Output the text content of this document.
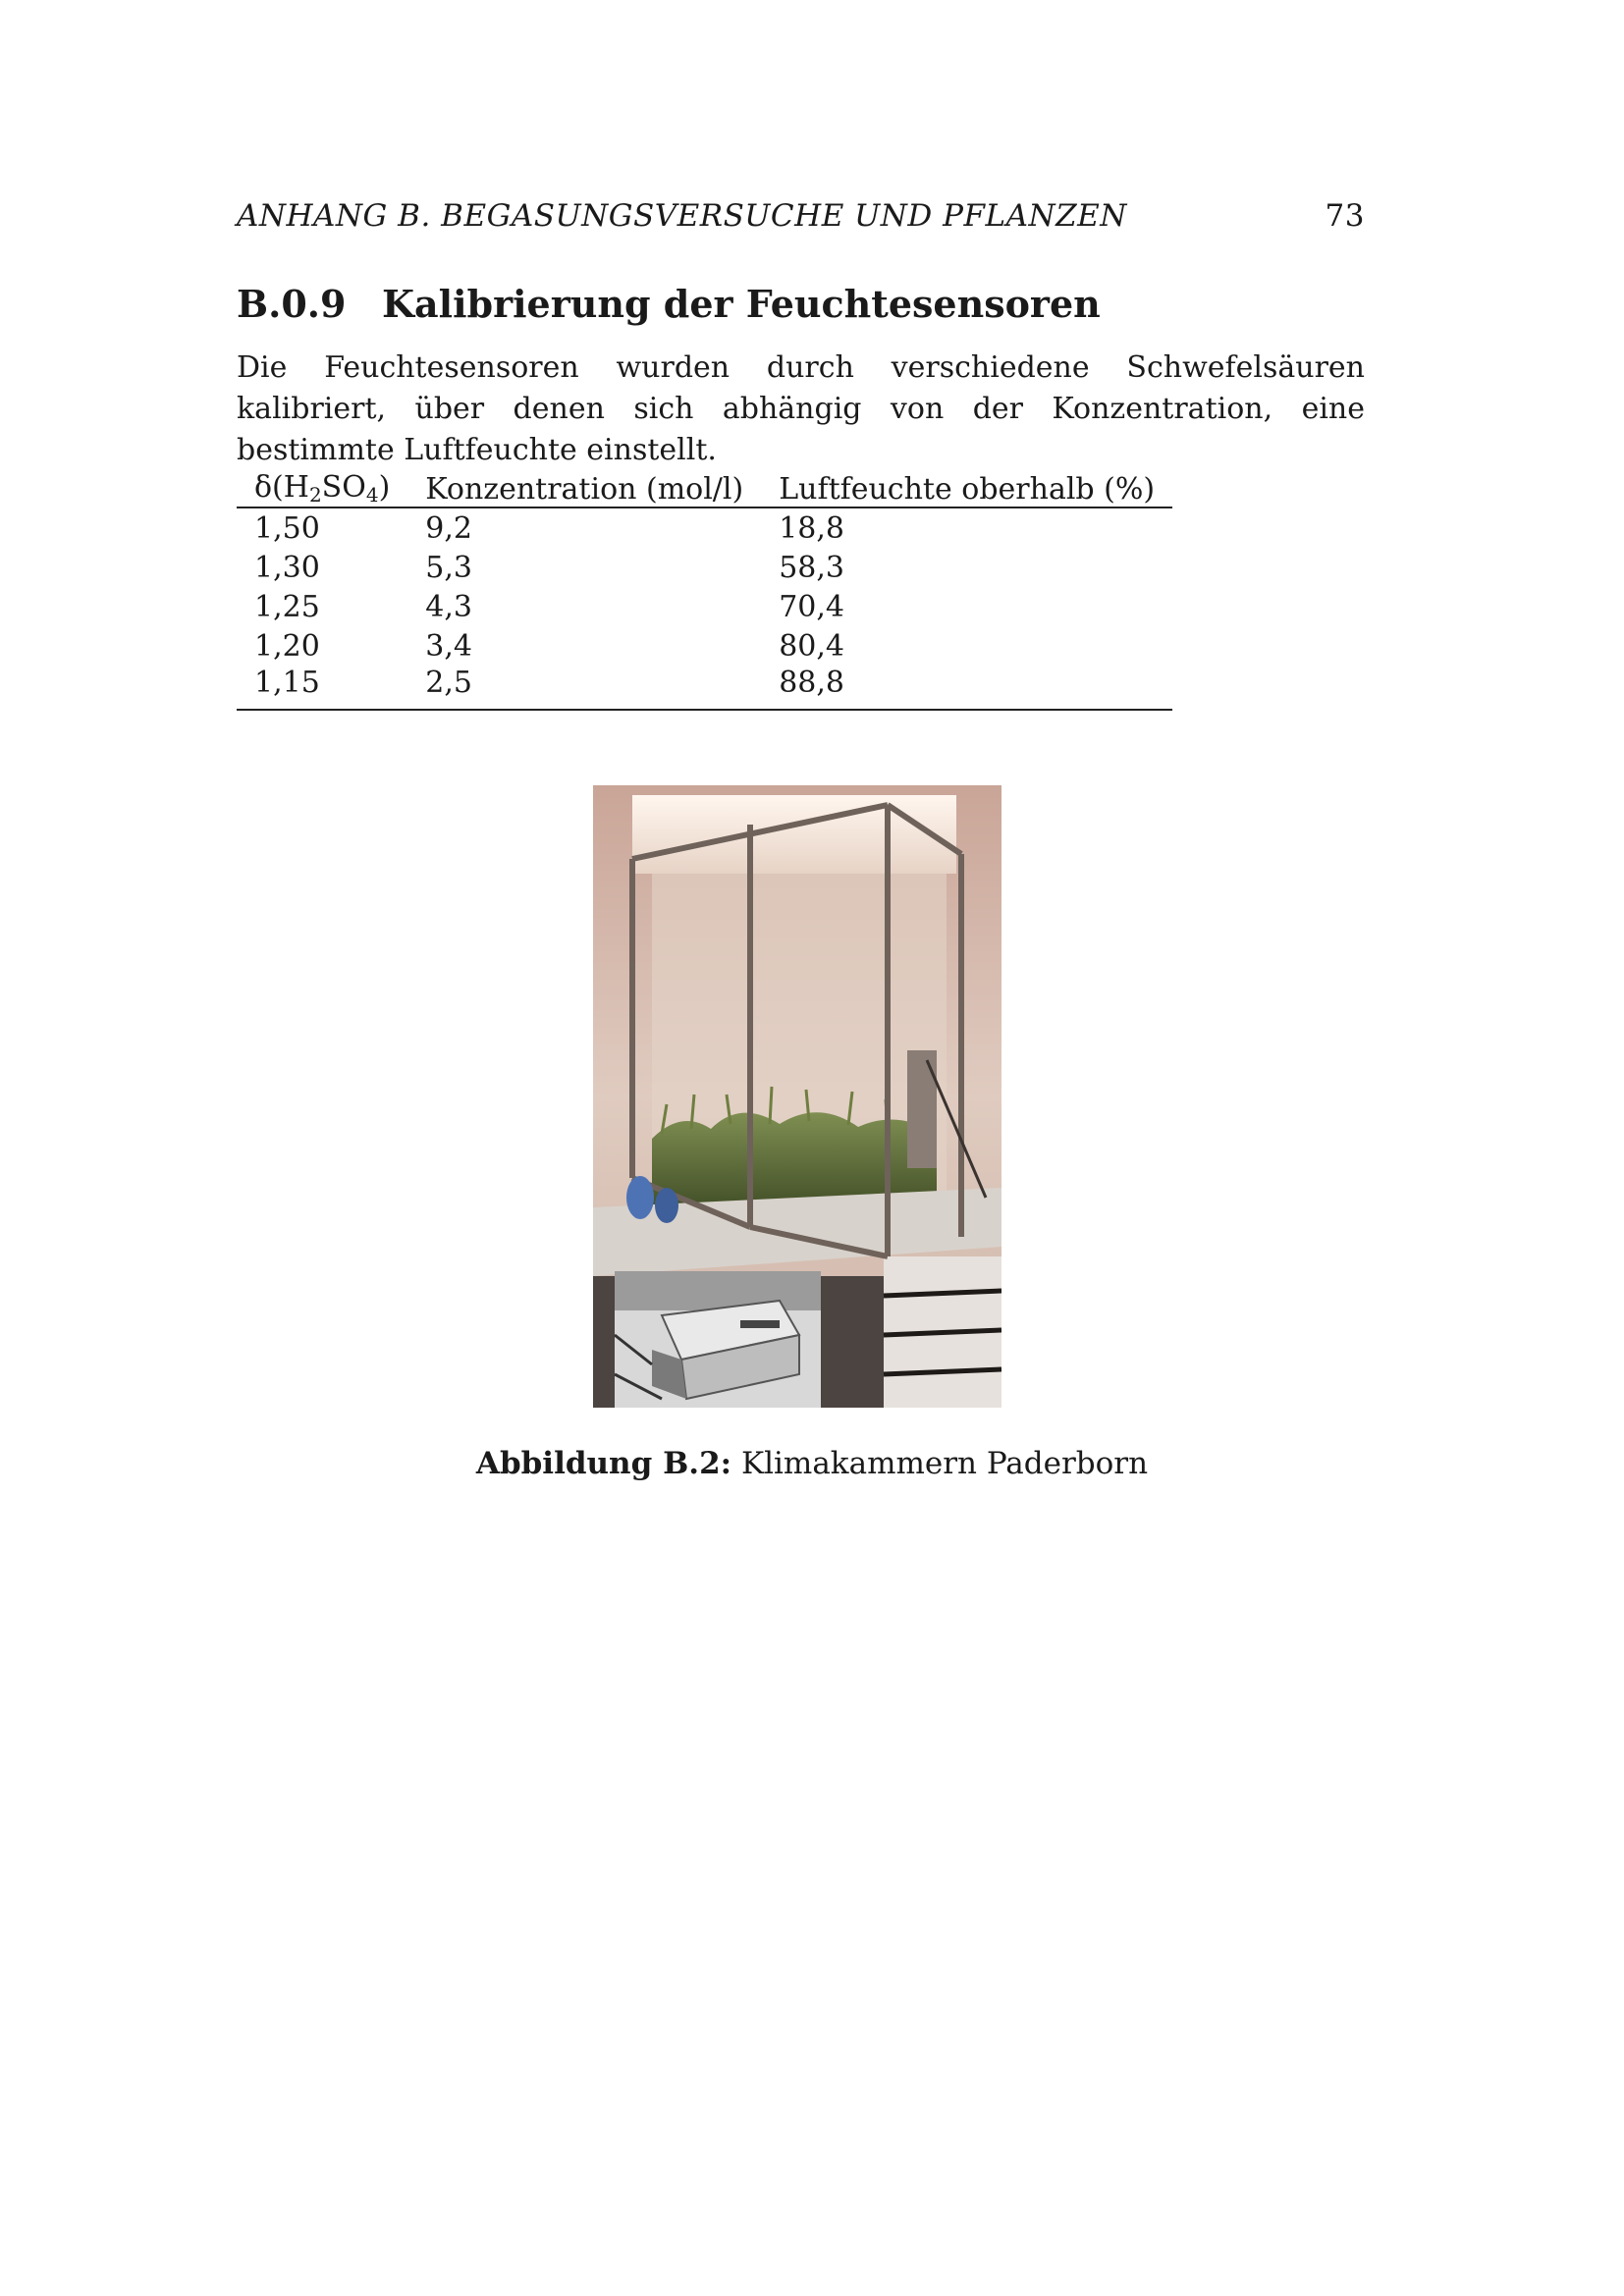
ANHANG B. BEGASUNGSVERSUCHE UND PFLANZEN	73
B.0.9 Kalibrierung der Feuchtesensoren
Die Feuchtesensoren wurden durch verschiedene Schwefelsäuren kalibriert, über denen sich abhängig von der Konzentration, eine bestimmte Luftfeuchte einstellt.
$\delta(H_2SO_4)$	Konzentration (mol/l)	Luftfeuchte oberhalb (%)
1,50	9,2	18,8
1,30	5,3	58,3
1,25	4,3	70,4
1,20	3,4	80,4
1,15	2,5	88,8
Abbildung B.2: Klimakammern Paderborn
